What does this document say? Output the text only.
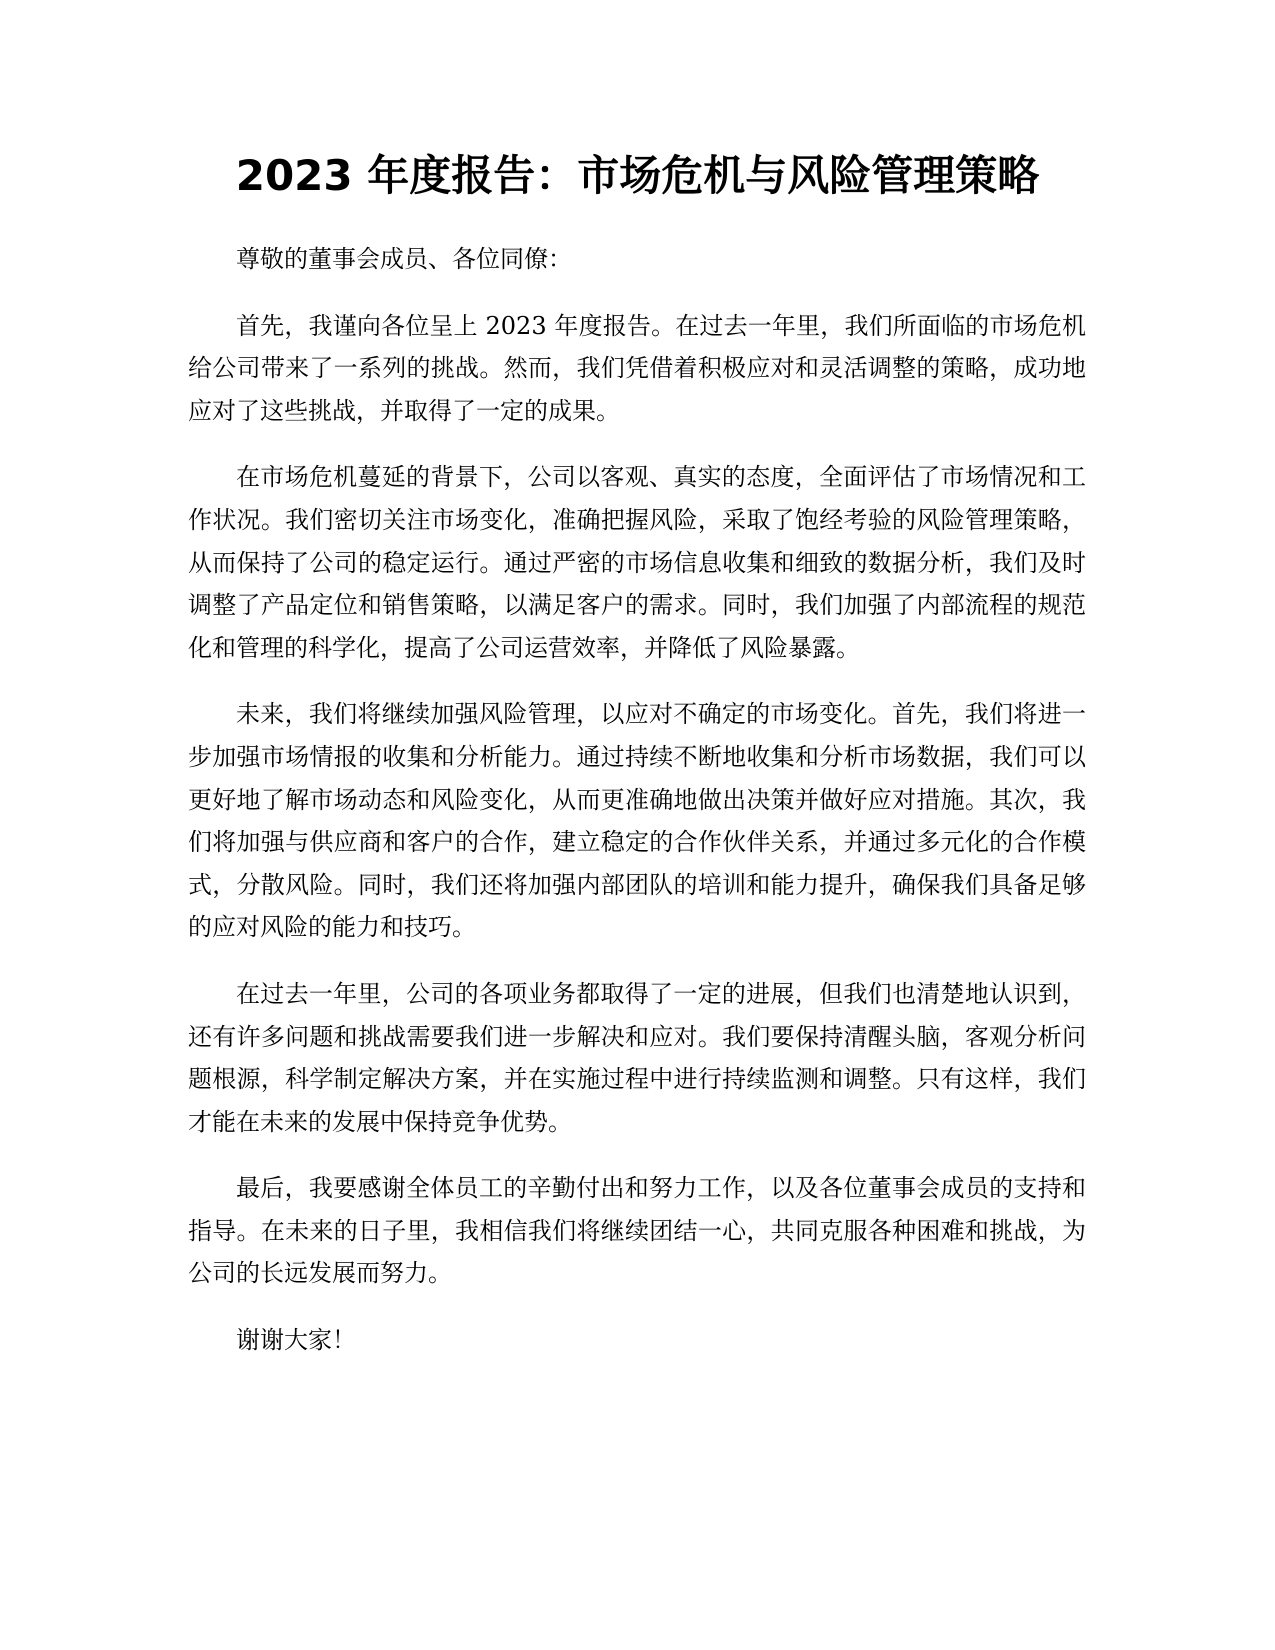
2023 年度报告：市场危机与风险管理策略

尊敬的董事会成员、各位同僚：

首先，我谨向各位呈上 2023 年度报告。在过去一年里，我们所面临的市场危机给公司带来了一系列的挑战。然而，我们凭借着积极应对和灵活调整的策略，成功地应对了这些挑战，并取得了一定的成果。

在市场危机蔓延的背景下，公司以客观、真实的态度，全面评估了市场情况和工作状况。我们密切关注市场变化，准确把握风险，采取了饱经考验的风险管理策略，从而保持了公司的稳定运行。通过严密的市场信息收集和细致的数据分析，我们及时调整了产品定位和销售策略，以满足客户的需求。同时，我们加强了内部流程的规范化和管理的科学化，提高了公司运营效率，并降低了风险暴露。

未来，我们将继续加强风险管理，以应对不确定的市场变化。首先，我们将进一步加强市场情报的收集和分析能力。通过持续不断地收集和分析市场数据，我们可以更好地了解市场动态和风险变化，从而更准确地做出决策并做好应对措施。其次，我们将加强与供应商和客户的合作，建立稳定的合作伙伴关系，并通过多元化的合作模式，分散风险。同时，我们还将加强内部团队的培训和能力提升，确保我们具备足够的应对风险的能力和技巧。

在过去一年里，公司的各项业务都取得了一定的进展，但我们也清楚地认识到，还有许多问题和挑战需要我们进一步解决和应对。我们要保持清醒头脑，客观分析问题根源，科学制定解决方案，并在实施过程中进行持续监测和调整。只有这样，我们才能在未来的发展中保持竞争优势。

最后，我要感谢全体员工的辛勤付出和努力工作，以及各位董事会成员的支持和指导。在未来的日子里，我相信我们将继续团结一心，共同克服各种困难和挑战，为公司的长远发展而努力。

谢谢大家！
